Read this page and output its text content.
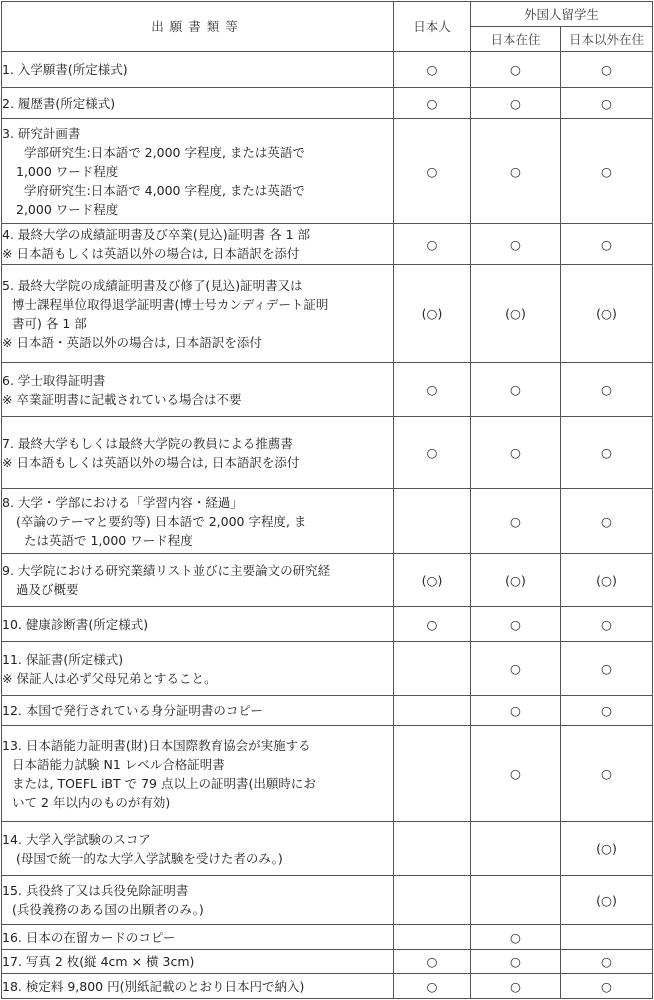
出願書類等	日本人	外国人留学生	
		日本在住	日本以外在住

1. 入学願書(所定様式)	○	○	○

2. 履歴書(所定様式)	○	○	○

3. 研究計画書
学部研究生:日本語で 2,000 字程度, または英語で
1,000 ワード程度
学府研究生:日本語で 4,000 字程度, または英語で
2,000 ワード程度	○	○	○

4. 最終大学の成績証明書及び卒業(見込)証明書 各 1 部
※ 日本語もしくは英語以外の場合は, 日本語訳を添付	○	○	○

5. 最終大学院の成績証明書及び修了(見込)証明書又は
博士課程単位取得退学証明書(博士号カンディデート証明
書可) 各 1 部
※ 日本語・英語以外の場合は, 日本語訳を添付	(○)	(○)	(○)

6. 学士取得証明書
※ 卒業証明書に記載されている場合は不要	○	○	○

7. 最終大学もしくは最終大学院の教員による推薦書
※ 日本語もしくは英語以外の場合は, 日本語訳を添付	○	○	○

8. 大学・学部における「学習内容・経過」
(卒論のテーマと要約等) 日本語で 2,000 字程度, ま
たは英語で 1,000 ワード程度		○	○

9. 大学院における研究業績リスト並びに主要論文の研究経
過及び概要	(○)	(○)	(○)

10. 健康診断書(所定様式)	○	○	○

11. 保証書(所定様式)
※ 保証人は必ず父母兄弟とすること。		○	○

12. 本国で発行されている身分証明書のコピー		○	○

13. 日本語能力証明書(財)日本国際教育協会が実施する
日本語能力試験 N1 レベル合格証明書
または, TOEFL iBT で 79 点以上の証明書(出願時にお
いて 2 年以内のものが有効)		○	○

14. 大学入学試験のスコア
(母国で統一的な大学入学試験を受けた者のみ。)			(○)

15. 兵役終了又は兵役免除証明書
(兵役義務のある国の出願者のみ。)			(○)

16. 日本の在留カードのコピー		○	

17. 写真 2 枚(縦 4cm × 横 3cm)	○	○	○

18. 検定料 9,800 円(別紙記載のとおり日本円で納入)	○	○	○
